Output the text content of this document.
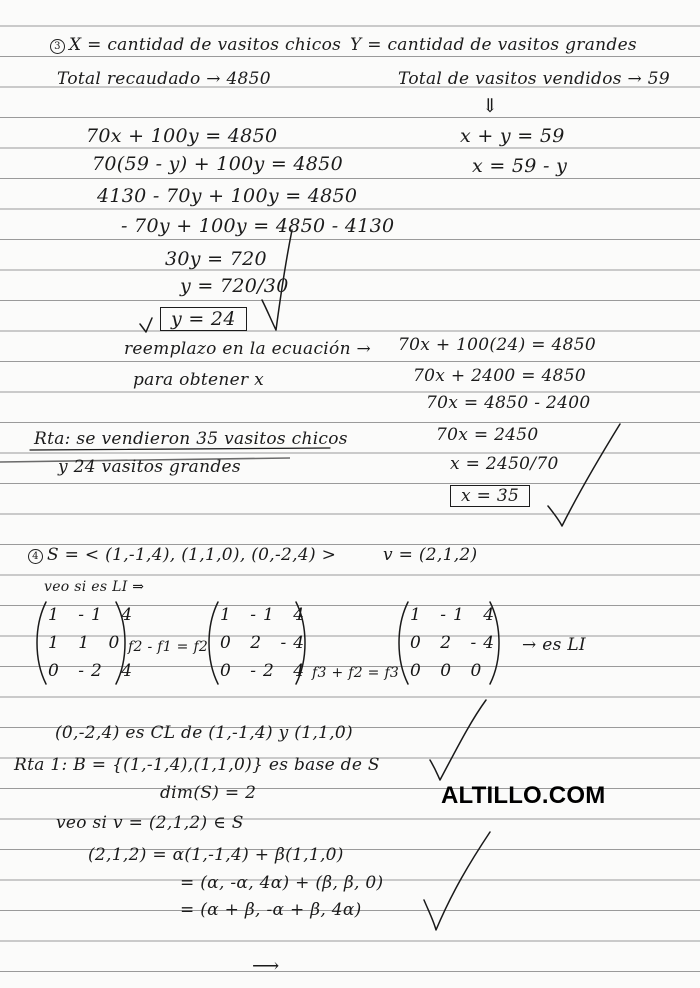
3 X = cantidad de vasitos chicos Y = cantidad de vasitos grandes
Total recaudado → 4850	Total de vasitos vendidos → 59
⇓
70x + 100y = 4850	x + y = 59
70(59 - y) + 100y = 4850	x = 59 - y
4130 - 70y + 100y = 4850
- 70y + 100y = 4850 - 4130
30y = 720
y = 720/30
y = 24
reemplazo en la ecuación →
para obtener x
70x + 100(24) = 4850
70x + 2400 = 4850
70x = 4850 - 2400
70x = 2450
x = 2450/70
x = 35
Rta: se vendieron 35 vasitos chicos
y 24 vasitos grandes
4 S = < (1,-1,4), (1,1,0), (0,-2,4) >	v = (2,1,2)
veo si es LI ⇒
1 -1 4
1 1 0
0 -2 4
f2 - f1 = f2
1 -1 4
0 2 -4
0 -2 4 f3 + f2 = f3
1 -1 4
0 2 -4
0 0 0
→ es LI
(0,-2,4) es CL de (1,-1,4) y (1,1,0)
Rta 1: B = {(1,-1,4),(1,1,0)} es base de S
dim(S) = 2
veo si v = (2,1,2) ∈ S
(2,1,2) = α(1,-1,4) + β(1,1,0)
= (α, -α, 4α) + (β, β, 0)
= (α + β, -α + β, 4α)
⟶
ALTILLO.COM
